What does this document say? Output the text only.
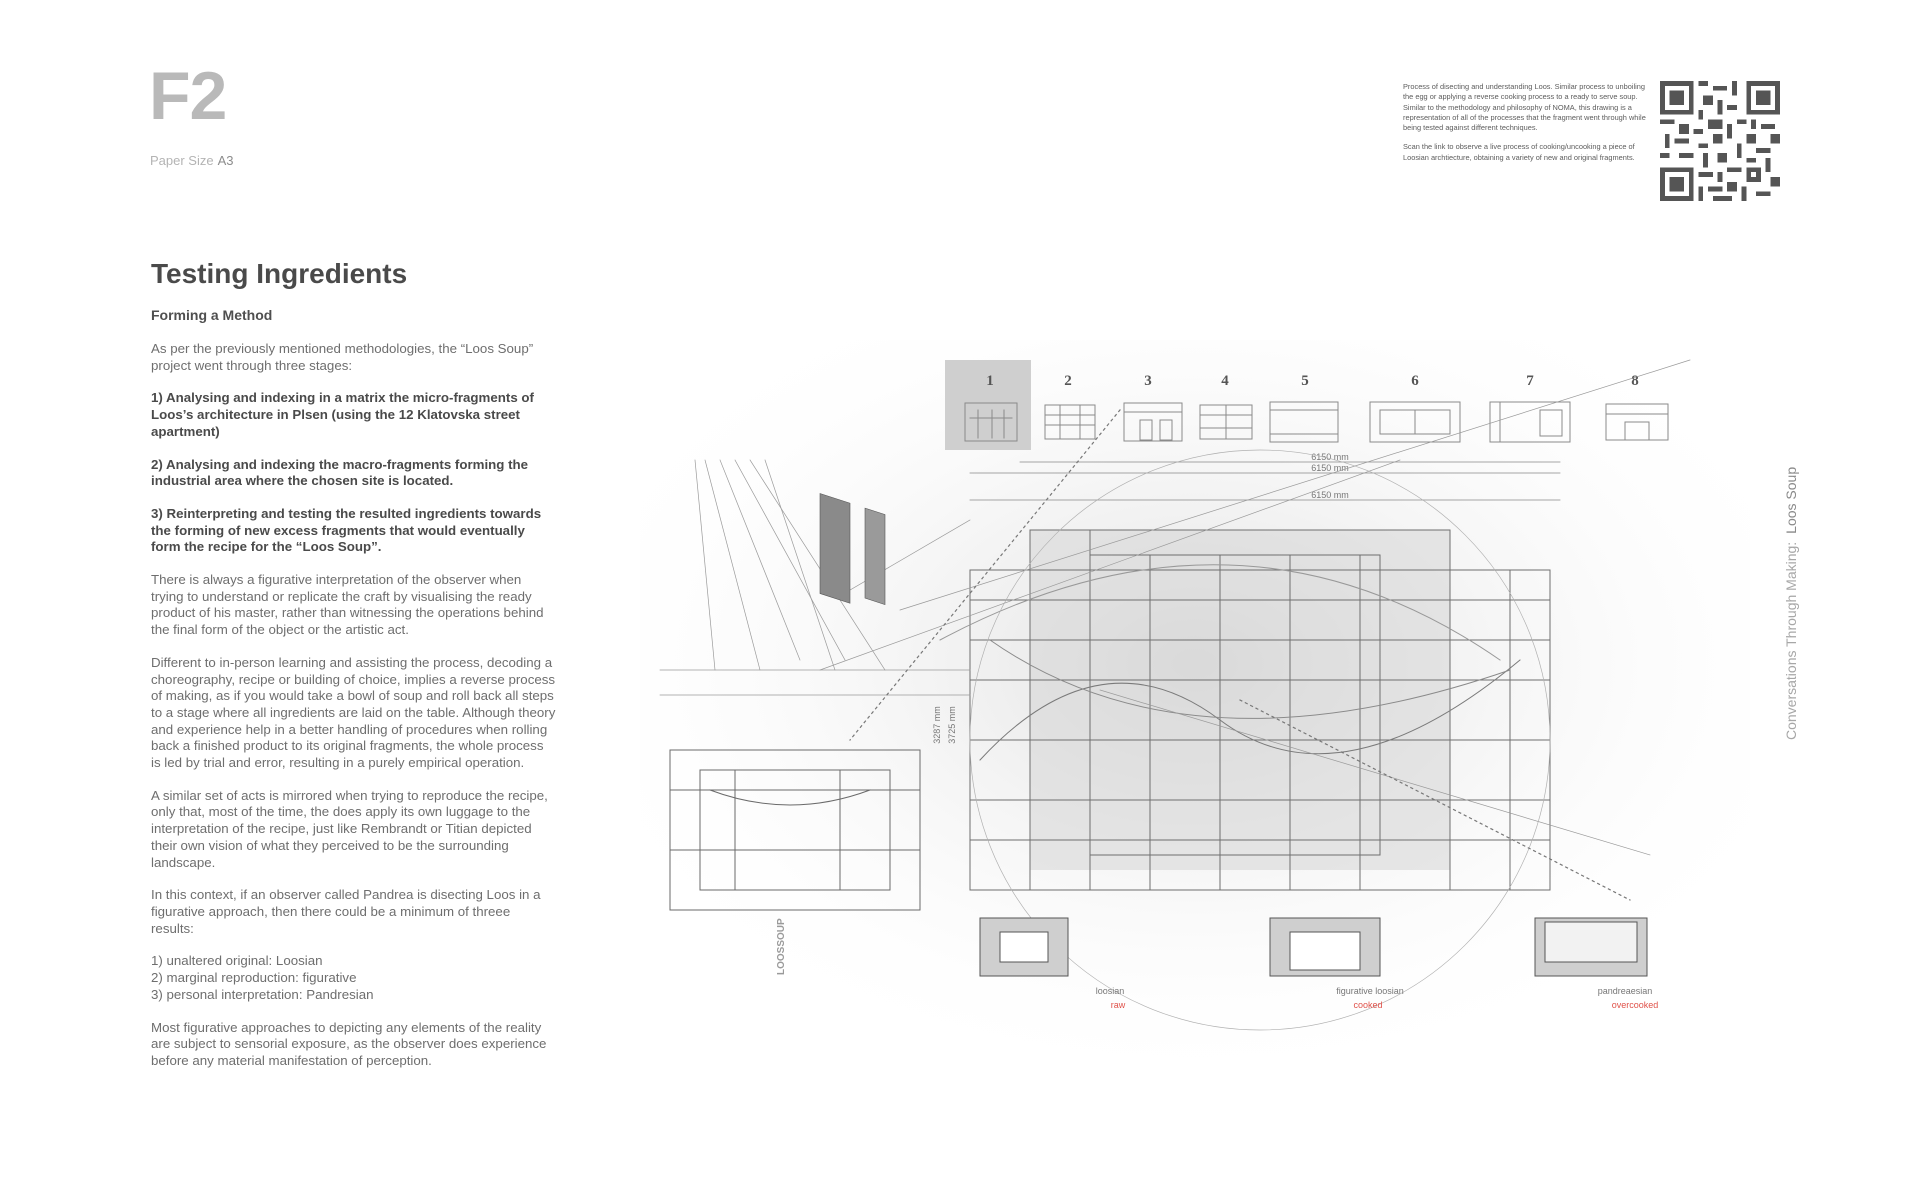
F2
Paper Size A3

Process of disecting and understanding Loos. Similar process to unboiling the egg or applying a reverse cooking process to a ready to serve soup. Similar to the methodology and philosophy of NOMA, this drawing is a representation of all of the processes that the fragment went through while being tested against different techniques.

Scan the link to observe a live process of cooking/uncooking a piece of Loosian archtiecture, obtaining a variety of new and original fragments.

Conversations Through Making:Loos Soup
Testing Ingredients
Forming a Method

As per the previously mentioned methodologies, the “Loos Soup” project went through three stages:

1) Analysing and indexing in a matrix the micro-fragments of Loos’s architecture in Plsen (using the 12 Klatovska street apartment)

2) Analysing and indexing the macro-fragments forming the industrial area where the chosen site is located.

3) Reinterpreting and testing the resulted ingredients towards the forming of new excess fragments that would eventually form the recipe for the “Loos Soup”.

There is always a figurative interpretation of the observer when trying to understand or replicate the craft by visualising the ready product of his master, rather than witnessing the operations behind the final form of the object or the artistic act.

Different to in-person learning and assisting the process, decoding a choreography, recipe or building of choice, implies a reverse process of making, as if you would take a bowl of soup and roll back all steps to a stage where all ingredients are laid on the table. Although theory and experience help in a better handling of procedures when rolling back a finished product to its original fragments, the whole process is led by trial and error, resulting in a purely empirical operation.

A similar set of acts is mirrored when trying to reproduce the recipe, only that, most of the time, the does apply its own luggage to the interpretation of the recipe, just like Rembrandt or Titian depicted their own vision of what they perceived to be the surrounding landscape.

In this context, if an observer called Pandrea is disecting Loos in a figurative approach, then there could be a minimum of threee results:

1) unaltered original: Loosian
2) marginal reproduction: figurative
3) personal interpretation: Pandresian

Most figurative approaches to depicting any elements of the reality are subject to sensorial exposure, as the observer does experience before any material manifestation of perception.

1	2	3	4	5	6	7	8
6150 mm
6150 mm
6150 mm
3287 mm 3725 mm
LOOSSOUP
loosian
raw
figurative loosian
cooked
pandreaesian
overcooked
